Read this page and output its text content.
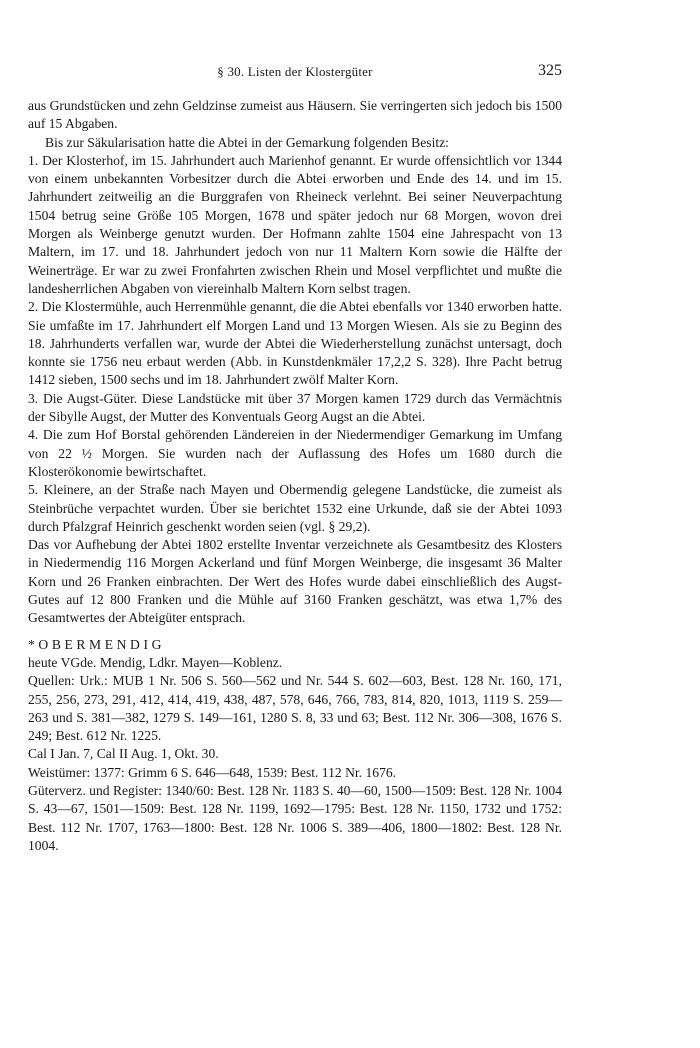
§ 30. Listen der Klostergüter	325

aus Grundstücken und zehn Geldzinse zumeist aus Häusern. Sie verringerten sich jedoch bis 1500 auf 15 Abgaben.

Bis zur Säkularisation hatte die Abtei in der Gemarkung folgenden Besitz:

1. Der Klosterhof, im 15. Jahrhundert auch Marienhof genannt. Er wurde offensichtlich vor 1344 von einem unbekannten Vorbesitzer durch die Abtei erworben und Ende des 14. und im 15. Jahrhundert zeitweilig an die Burggrafen von Rheineck verlehnt. Bei seiner Neuverpachtung 1504 betrug seine Größe 105 Morgen, 1678 und später jedoch nur 68 Morgen, wovon drei Morgen als Weinberge genutzt wurden. Der Hofmann zahlte 1504 eine Jahrespacht von 13 Maltern, im 17. und 18. Jahrhundert jedoch von nur 11 Maltern Korn sowie die Hälfte der Weinerträge. Er war zu zwei Fronfahrten zwischen Rhein und Mosel verpflichtet und mußte die landesherrlichen Abgaben von viereinhalb Maltern Korn selbst tragen.

2. Die Klostermühle, auch Herrenmühle genannt, die die Abtei ebenfalls vor 1340 erworben hatte. Sie umfaßte im 17. Jahrhundert elf Morgen Land und 13 Morgen Wiesen. Als sie zu Beginn des 18. Jahrhunderts verfallen war, wurde der Abtei die Wiederherstellung zunächst untersagt, doch konnte sie 1756 neu erbaut werden (Abb. in Kunstdenkmäler 17,2,2 S. 328). Ihre Pacht betrug 1412 sieben, 1500 sechs und im 18. Jahrhundert zwölf Malter Korn.

3. Die Augst-Güter. Diese Landstücke mit über 37 Morgen kamen 1729 durch das Vermächtnis der Sibylle Augst, der Mutter des Konventuals Georg Augst an die Abtei.

4. Die zum Hof Borstal gehörenden Ländereien in der Niedermendiger Gemarkung im Umfang von 22 ½ Morgen. Sie wurden nach der Auflassung des Hofes um 1680 durch die Klosterökonomie bewirtschaftet.

5. Kleinere, an der Straße nach Mayen und Obermendig gelegene Landstücke, die zumeist als Steinbrüche verpachtet wurden. Über sie berichtet 1532 eine Urkunde, daß sie der Abtei 1093 durch Pfalzgraf Heinrich geschenkt worden seien (vgl. § 29,2).

Das vor Aufhebung der Abtei 1802 erstellte Inventar verzeichnete als Gesamtbesitz des Klosters in Niedermendig 116 Morgen Ackerland und fünf Morgen Weinberge, die insgesamt 36 Malter Korn und 26 Franken einbrachten. Der Wert des Hofes wurde dabei einschließlich des Augst-Gutes auf 12 800 Franken und die Mühle auf 3160 Franken geschätzt, was etwa 1,7% des Gesamtwertes der Abteigüter entsprach.

*OBERMENDIG

heute VGde. Mendig, Ldkr. Mayen—Koblenz.

Quellen: Urk.: MUB 1 Nr. 506 S. 560—562 und Nr. 544 S. 602—603, Best. 128 Nr. 160, 171, 255, 256, 273, 291, 412, 414, 419, 438, 487, 578, 646, 766, 783, 814, 820, 1013, 1119 S. 259—263 und S. 381—382, 1279 S. 149—161, 1280 S. 8, 33 und 63; Best. 112 Nr. 306—308, 1676 S. 249; Best. 612 Nr. 1225.

Cal I Jan. 7, Cal II Aug. 1, Okt. 30.

Weistümer: 1377: Grimm 6 S. 646—648, 1539: Best. 112 Nr. 1676.

Güterverz. und Register: 1340/60: Best. 128 Nr. 1183 S. 40—60, 1500—1509: Best. 128 Nr. 1004 S. 43—67, 1501—1509: Best. 128 Nr. 1199, 1692—1795: Best. 128 Nr. 1150, 1732 und 1752: Best. 112 Nr. 1707, 1763—1800: Best. 128 Nr. 1006 S. 389—406, 1800—1802: Best. 128 Nr. 1004.
